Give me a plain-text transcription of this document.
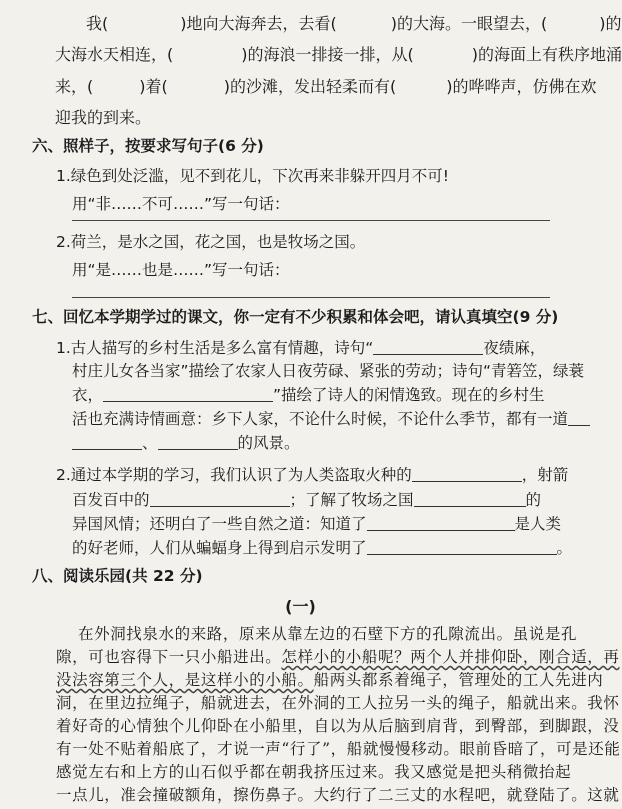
我(	)地向大海奔去，去看(	)的大海。一眼望去，(	)的
大海水天相连，(	)的海浪一排接一排，从(	)的海面上有秩序地涌
来，(	)着(	)的沙滩，发出轻柔而有(	)的哗哗声，仿佛在欢
迎我的到来。
六、照样子，按要求写句子(6 分)
1.绿色到处泛滥，见不到花儿，下次再来非躲开四月不可!
用“非……不可……”写一句话：
2.荷兰，是水之国，花之国，也是牧场之国。
用“是……也是……”写一句话：
七、回忆本学期学过的课文，你一定有不少积累和体会吧，请认真填空(9 分)
1.古人描写的乡村生活是多么富有情趣，诗句“	夜绩麻，
村庄儿女各当家”描绘了农家人日夜劳碌、紧张的劳动；诗句“青箬笠，绿蓑
衣，	”描绘了诗人的闲情逸致。现在的乡村生
活也充满诗情画意：乡下人家，不论什么时候，不论什么季节，都有一道
、	的风景。
2.通过本学期的学习，我们认识了为人类盗取火种的	，射箭
百发百中的	；了解了牧场之国	的
异国风情；还明白了一些自然之道：知道了	是人类
的好老师，人们从蝙蝠身上得到启示发明了	。
八、阅读乐园(共 22 分)
(一)
在外洞找泉水的来路，原来从靠左边的石壁下方的孔隙流出。虽说是孔
隙，可也容得下一只小船进出。怎样小的小船呢？两个人并排仰卧，刚合适，再
没法容第三个人，是这样小的小船。船两头都系着绳子，管理处的工人先进内
洞，在里边拉绳子，船就进去，在外洞的工人拉另一头的绳子，船就出来。我怀
着好奇的心情独个儿仰卧在小船里，自以为从后脑到肩背，到臀部，到脚跟，没
有一处不贴着船底了，才说一声“行了”，船就慢慢移动。眼前昏暗了，可是还能
感觉左右和上方的山石似乎都在朝我挤压过来。我又感觉是把头稍微抬起
一点儿，准会撞破额角，擦伤鼻子。大约行了二三丈的水程吧，就登陆了。这就
